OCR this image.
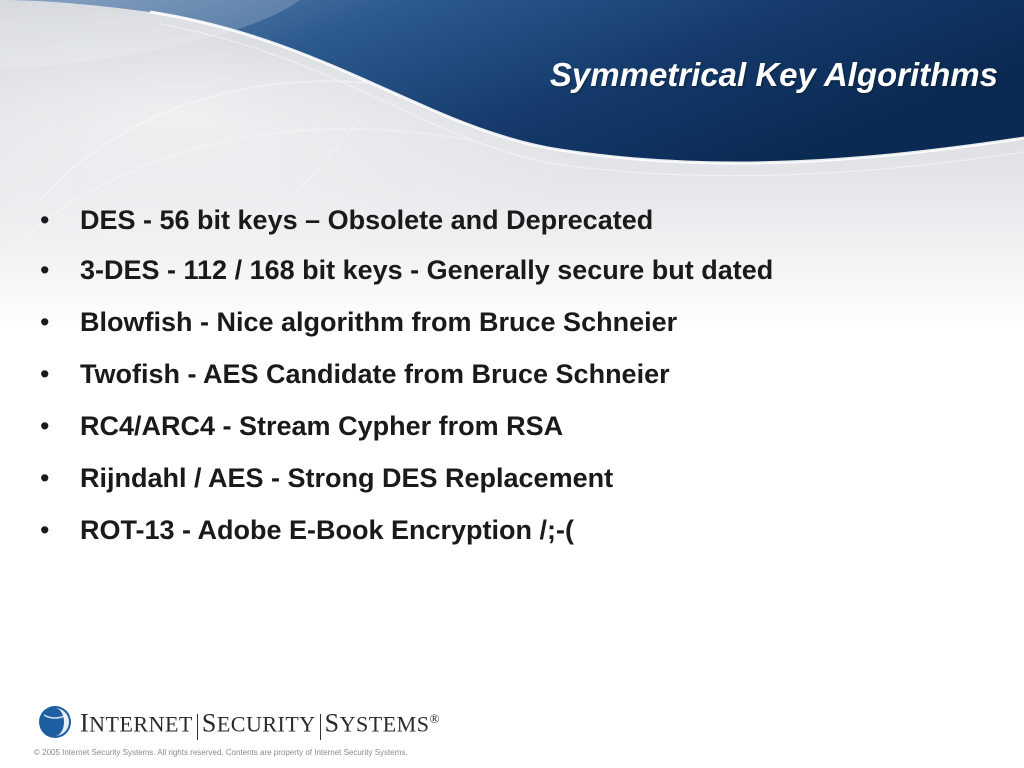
Symmetrical Key Algorithms
• DES - 56 bit keys – Obsolete and Deprecated
• 3-DES - 112 / 168 bit keys - Generally secure but dated
• Blowfish - Nice algorithm from Bruce Schneier
• Twofish - AES Candidate from Bruce Schneier
• RC4/ARC4 - Stream Cypher from RSA
• Rijndahl / AES - Strong DES Replacement
• ROT-13 - Adobe E-Book Encryption /;-(
INTERNET SECURITY SYSTEMS®
© 2005 Internet Security Systems. All rights reserved. Contents are property of Internet Security Systems.
